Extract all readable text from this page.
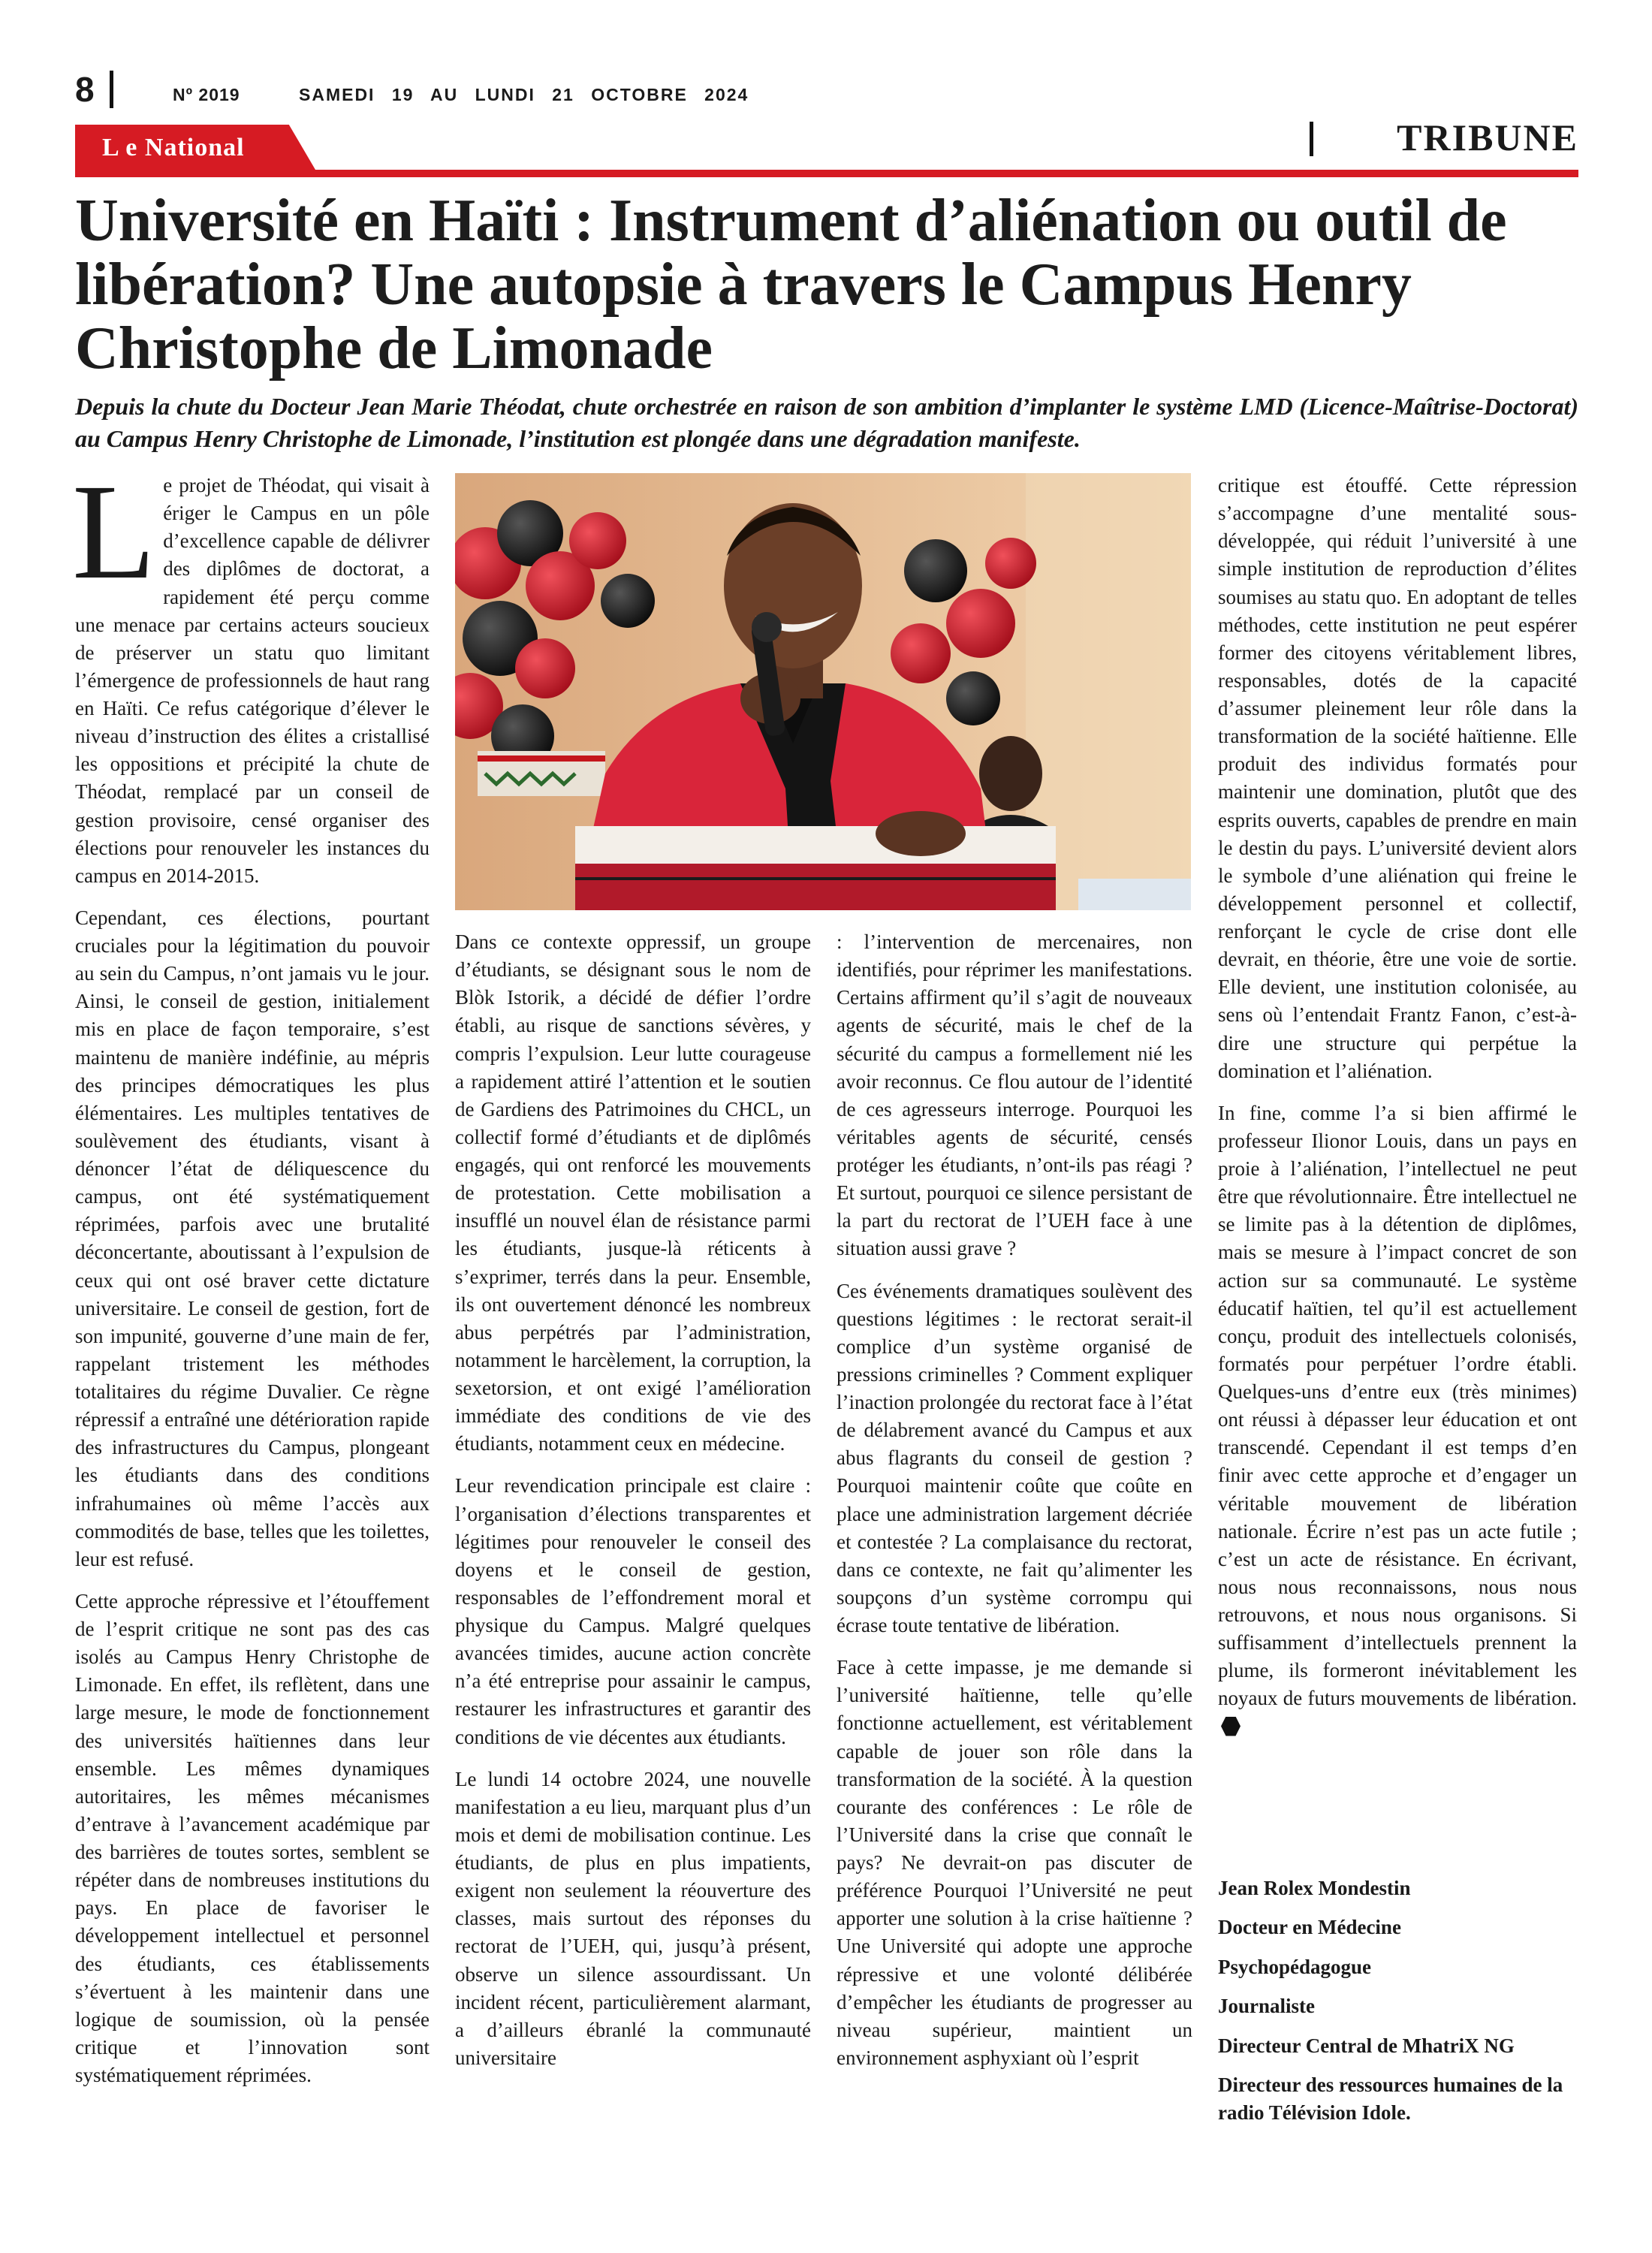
8	Nº 2019	SAMEDI 19 AU LUNDI 21 OCTOBRE 2024
L e National	TRIBUNE
Université en Haïti : Instrument d’aliénation ou outil de libération? Une autopsie à travers le Campus Henry Christophe de Limonade
Depuis la chute du Docteur Jean Marie Théodat, chute orchestrée en raison de son ambition d’implanter le système LMD (Licence-Maîtrise-Doctorat) au Campus Henry Christophe de Limonade, l’institution est plongée dans une dégradation manifeste.

Le projet de Théodat, qui visait à ériger le Campus en un pôle d’excellence capable de délivrer des diplômes de doctorat, a rapidement été perçu comme une menace par certains acteurs soucieux de préserver un statu quo limitant l’émergence de professionnels de haut rang en Haïti. Ce refus catégorique d’élever le niveau d’instruction des élites a cristallisé les oppositions et précipité la chute de Théodat, remplacé par un conseil de gestion provisoire, censé organiser des élections pour renouveler les instances du campus en 2014-2015.

Cependant, ces élections, pourtant cruciales pour la légitimation du pouvoir au sein du Campus, n’ont jamais vu le jour. Ainsi, le conseil de gestion, initialement mis en place de façon temporaire, s’est maintenu de manière indéfinie, au mépris des principes démocratiques les plus élémentaires. Les multiples tentatives de soulèvement des étudiants, visant à dénoncer l’état de déliquescence du campus, ont été systématiquement réprimées, parfois avec une brutalité déconcertante, aboutissant à l’expulsion de ceux qui ont osé braver cette dictature universitaire. Le conseil de gestion, fort de son impunité, gouverne d’une main de fer, rappelant tristement les méthodes totalitaires du régime Duvalier. Ce règne répressif a entraîné une détérioration rapide des infrastructures du Campus, plongeant les étudiants dans des conditions infrahumaines où même l’accès aux commodités de base, telles que les toilettes, leur est refusé.

Cette approche répressive et l’étouffement de l’esprit critique ne sont pas des cas isolés au Campus Henry Christophe de Limonade. En effet, ils reflètent, dans une large mesure, le mode de fonctionnement des universités haïtiennes dans leur ensemble. Les mêmes dynamiques autoritaires, les mêmes mécanismes d’entrave à l’avancement académique par des barrières de toutes sortes, semblent se répéter dans de nombreuses institutions du pays. En place de favoriser le développement intellectuel et personnel des étudiants, ces établissements s’évertuent à les maintenir dans une logique de soumission, où la pensée critique et l’innovation sont systématiquement réprimées.

Dans ce contexte oppressif, un groupe d’étudiants, se désignant sous le nom de Blòk Istorik, a décidé de défier l’ordre établi, au risque de sanctions sévères, y compris l’expulsion. Leur lutte courageuse a rapidement attiré l’attention et le soutien de Gardiens des Patrimoines du CHCL, un collectif formé d’étudiants et de diplômés engagés, qui ont renforcé les mouvements de protestation. Cette mobilisation a insufflé un nouvel élan de résistance parmi les étudiants, jusque-là réticents à s’exprimer, terrés dans la peur. Ensemble, ils ont ouvertement dénoncé les nombreux abus perpétrés par l’administration, notamment le harcèlement, la corruption, la sexetorsion, et ont exigé l’amélioration immédiate des conditions de vie des étudiants, notamment ceux en médecine.

Leur revendication principale est claire : l’organisation d’élections transparentes et légitimes pour renouveler le conseil des doyens et le conseil de gestion, responsables de l’effondrement moral et physique du Campus. Malgré quelques avancées timides, aucune action concrète n’a été entreprise pour assainir le campus, restaurer les infrastructures et garantir des conditions de vie décentes aux étudiants.

Le lundi 14 octobre 2024, une nouvelle manifestation a eu lieu, marquant plus d’un mois et demi de mobilisation continue. Les étudiants, de plus en plus impatients, exigent non seulement la réouverture des classes, mais surtout des réponses du rectorat de l’UEH, qui, jusqu’à présent, observe un silence assourdissant. Un incident récent, particulièrement alarmant, a d’ailleurs ébranlé la communauté universitaire

: l’intervention de mercenaires, non identifiés, pour réprimer les manifestations. Certains affirment qu’il s’agit de nouveaux agents de sécurité, mais le chef de la sécurité du campus a formellement nié les avoir reconnus. Ce flou autour de l’identité de ces agresseurs interroge. Pourquoi les véritables agents de sécurité, censés protéger les étudiants, n’ont-ils pas réagi ? Et surtout, pourquoi ce silence persistant de la part du rectorat de l’UEH face à une situation aussi grave ?

Ces événements dramatiques soulèvent des questions légitimes : le rectorat serait-il complice d’un système organisé de pressions criminelles ? Comment expliquer l’inaction prolongée du rectorat face à l’état de délabrement avancé du Campus et aux abus flagrants du conseil de gestion ? Pourquoi maintenir coûte que coûte en place une administration largement décriée et contestée ? La complaisance du rectorat, dans ce contexte, ne fait qu’alimenter les soupçons d’un système corrompu qui écrase toute tentative de libération.

Face à cette impasse, je me demande si l’université haïtienne, telle qu’elle fonctionne actuellement, est véritablement capable de jouer son rôle dans la transformation de la société. À la question courante des conférences : Le rôle de l’Université dans la crise que connaît le pays? Ne devrait-on pas discuter de préférence Pourquoi l’Université ne peut apporter une solution à la crise haïtienne ? Une Université qui adopte une approche répressive et une volonté délibérée d’empêcher les étudiants de progresser au niveau supérieur, maintient un environnement asphyxiant où l’esprit

critique est étouffé. Cette répression s’accompagne d’une mentalité sous-développée, qui réduit l’université à une simple institution de reproduction d’élites soumises au statu quo. En adoptant de telles méthodes, cette institution ne peut espérer former des citoyens véritablement libres, responsables, dotés de la capacité d’assumer pleinement leur rôle dans la transformation de la société haïtienne. Elle produit des individus formatés pour maintenir une domination, plutôt que des esprits ouverts, capables de prendre en main le destin du pays. L’université devient alors le symbole d’une aliénation qui freine le développement personnel et collectif, renforçant le cycle de crise dont elle devrait, en théorie, être une voie de sortie. Elle devient, une institution colonisée, au sens où l’entendait Frantz Fanon, c’est-à-dire une structure qui perpétue la domination et l’aliénation.

In fine, comme l’a si bien affirmé le professeur Ilionor Louis, dans un pays en proie à l’aliénation, l’intellectuel ne peut être que révolutionnaire. Être intellectuel ne se limite pas à la détention de diplômes, mais se mesure à l’impact concret de son action sur sa communauté. Le système éducatif haïtien, tel qu’il est actuellement conçu, produit des intellectuels colonisés, formatés pour perpétuer l’ordre établi. Quelques-uns d’entre eux (très minimes) ont réussi à dépasser leur éducation et ont transcendé. Cependant il est temps d’en finir avec cette approche et d’engager un véritable mouvement de libération nationale. Écrire n’est pas un acte futile ; c’est un acte de résistance. En écrivant, nous nous reconnaissons, nous nous retrouvons, et nous nous organisons. Si suffisamment d’intellectuels prennent la plume, ils formeront inévitablement les noyaux de futurs mouvements de libération.

Jean Rolex Mondestin
Docteur en Médecine
Psychopédagogue
Journaliste
Directeur Central de MhatriX NG
Directeur des ressources humaines de la radio Télévision Idole.
